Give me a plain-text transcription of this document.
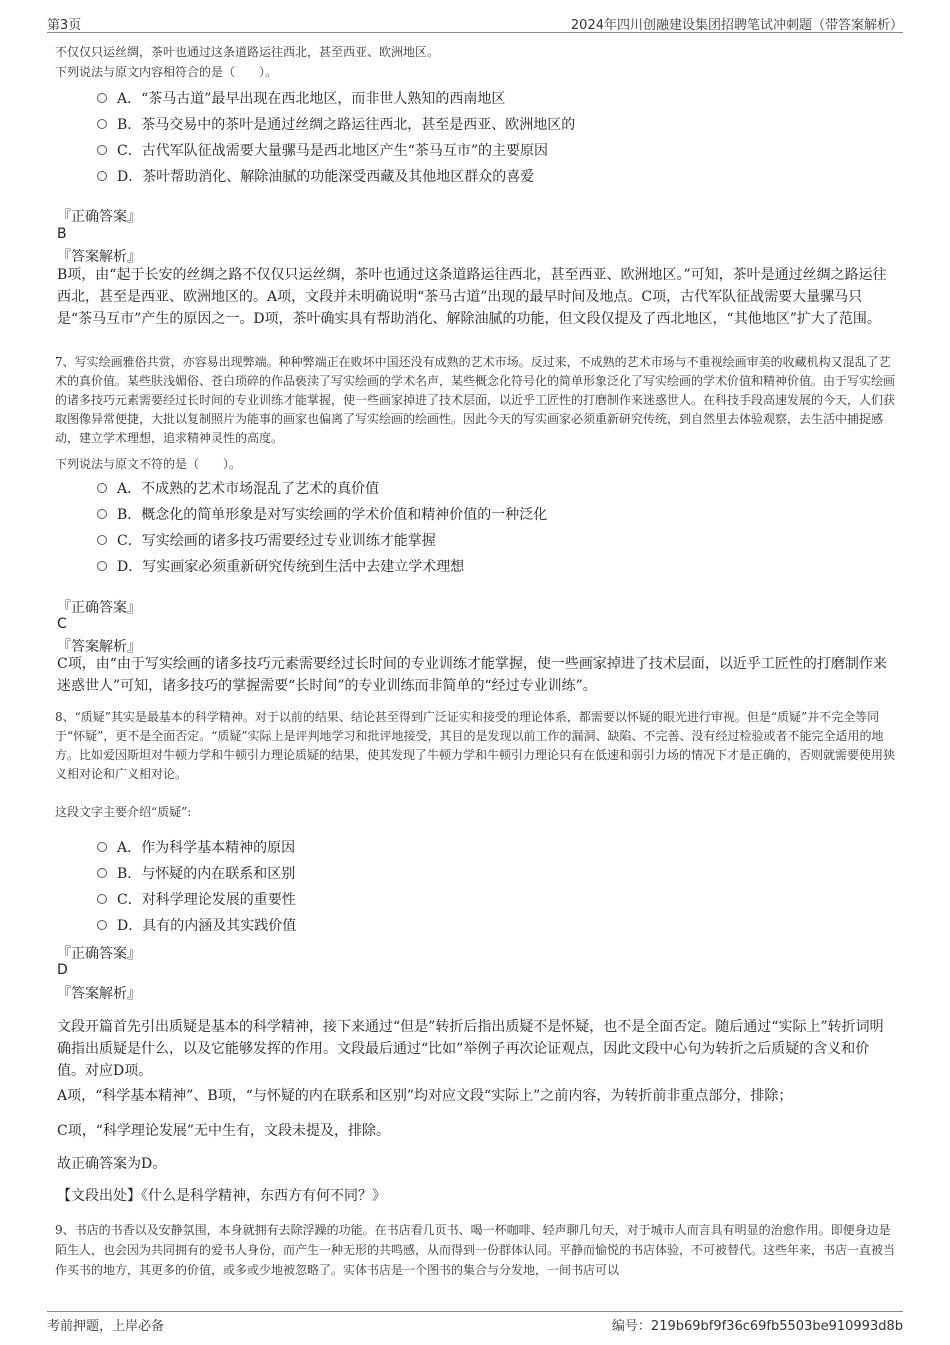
第3页	2024年四川创融建设集团招聘笔试冲刺题（带答案解析）

不仅仅只运丝绸，茶叶也通过这条道路运往西北，甚至西亚、欧洲地区。

下列说法与原文内容相符合的是（　　）。

A．“茶马古道”最早出现在西北地区，而非世人熟知的西南地区
B．茶马交易中的茶叶是通过丝绸之路运往西北，甚至是西亚、欧洲地区的
C．古代军队征战需要大量骡马是西北地区产生“茶马互市”的主要原因
D．茶叶帮助消化、解除油腻的功能深受西藏及其他地区群众的喜爱
『正确答案』
B
『答案解析』

B项，由“起于长安的丝绸之路不仅仅只运丝绸，茶叶也通过这条道路运往西北，甚至西亚、欧洲地区。”可知，茶叶是通过丝绸之路运往西北，甚至是西亚、欧洲地区的。A项，文段并未明确说明“茶马古道”出现的最早时间及地点。C项，古代军队征战需要大量骡马只是“茶马互市”产生的原因之一。D项，茶叶确实具有帮助消化、解除油腻的功能，但文段仅提及了西北地区，“其他地区”扩大了范围。

7、写实绘画雅俗共赏，亦容易出现弊端。种种弊端正在败坏中国还没有成熟的艺术市场。反过来，不成熟的艺术市场与不重视绘画审美的收藏机构又混乱了艺术的真价值。某些肤浅媚俗、苍白琐碎的作品亵渎了写实绘画的学术名声，某些概念化符号化的简单形象泛化了写实绘画的学术价值和精神价值。由于写实绘画的诸多技巧元素需要经过长时间的专业训练才能掌握，使一些画家掉进了技术层面，以近乎工匠性的打磨制作来迷惑世人。在科技手段高速发展的今天，人们获取图像异常便捷，大批以复制照片为能事的画家也偏离了写实绘画的绘画性。因此今天的写实画家必须重新研究传统，到自然里去体验观察，去生活中捕捉感动，建立学术理想，追求精神灵性的高度。

下列说法与原文不符的是（　　）。

A．不成熟的艺术市场混乱了艺术的真价值
B．概念化的简单形象是对写实绘画的学术价值和精神价值的一种泛化
C．写实绘画的诸多技巧需要经过专业训练才能掌握
D．写实画家必须重新研究传统到生活中去建立学术理想
『正确答案』
C
『答案解析』

C项，由“由于写实绘画的诸多技巧元素需要经过长时间的专业训练才能掌握，使一些画家掉进了技术层面，以近乎工匠性的打磨制作来迷惑世人”可知，诸多技巧的掌握需要“长时间”的专业训练而非简单的“经过专业训练”。

8、“质疑”其实是最基本的科学精神。对于以前的结果、结论甚至得到广泛证实和接受的理论体系，都需要以怀疑的眼光进行审视。但是“质疑”并不完全等同于“怀疑”，更不是全面否定。“质疑”实际上是评判地学习和批评地接受，其目的是发现以前工作的漏洞、缺陷、不完善、没有经过检验或者不能完全适用的地方。比如爱因斯坦对牛顿力学和牛顿引力理论质疑的结果，使其发现了牛顿力学和牛顿引力理论只有在低速和弱引力场的情况下才是正确的，否则就需要使用狭义相对论和广义相对论。

这段文字主要介绍“质疑”:

A．作为科学基本精神的原因
B．与怀疑的内在联系和区别
C．对科学理论发展的重要性
D．具有的内涵及其实践价值
『正确答案』
D
『答案解析』

文段开篇首先引出质疑是基本的科学精神，接下来通过“但是”转折后指出质疑不是怀疑，也不是全面否定。随后通过“实际上”转折词明确指出质疑是什么，以及它能够发挥的作用。文段最后通过“比如”举例子再次论证观点，因此文段中心句为转折之后质疑的含义和价值。对应D项。

A项，“科学基本精神”、B项，“与怀疑的内在联系和区别”均对应文段“实际上”之前内容，为转折前非重点部分，排除；

C项，“科学理论发展”无中生有，文段未提及，排除。

故正确答案为D。

【文段出处】《什么是科学精神，东西方有何不同？》

9、书店的书香以及安静氛围，本身就拥有去除浮躁的功能。在书店看几页书、喝一杯咖啡、轻声聊几句天，对于城市人而言具有明显的治愈作用。即便身边是陌生人，也会因为共同拥有的爱书人身份，而产生一种无形的共鸣感，从而得到一份群体认同。平静而愉悦的书店体验，不可被替代。这些年来，书店一直被当作买书的地方，其更多的价值，或多或少地被忽略了。实体书店是一个图书的集合与分发地，一间书店可以

考前押题，上岸必备	编号：219b69bf9f36c69fb5503be910993d8b
